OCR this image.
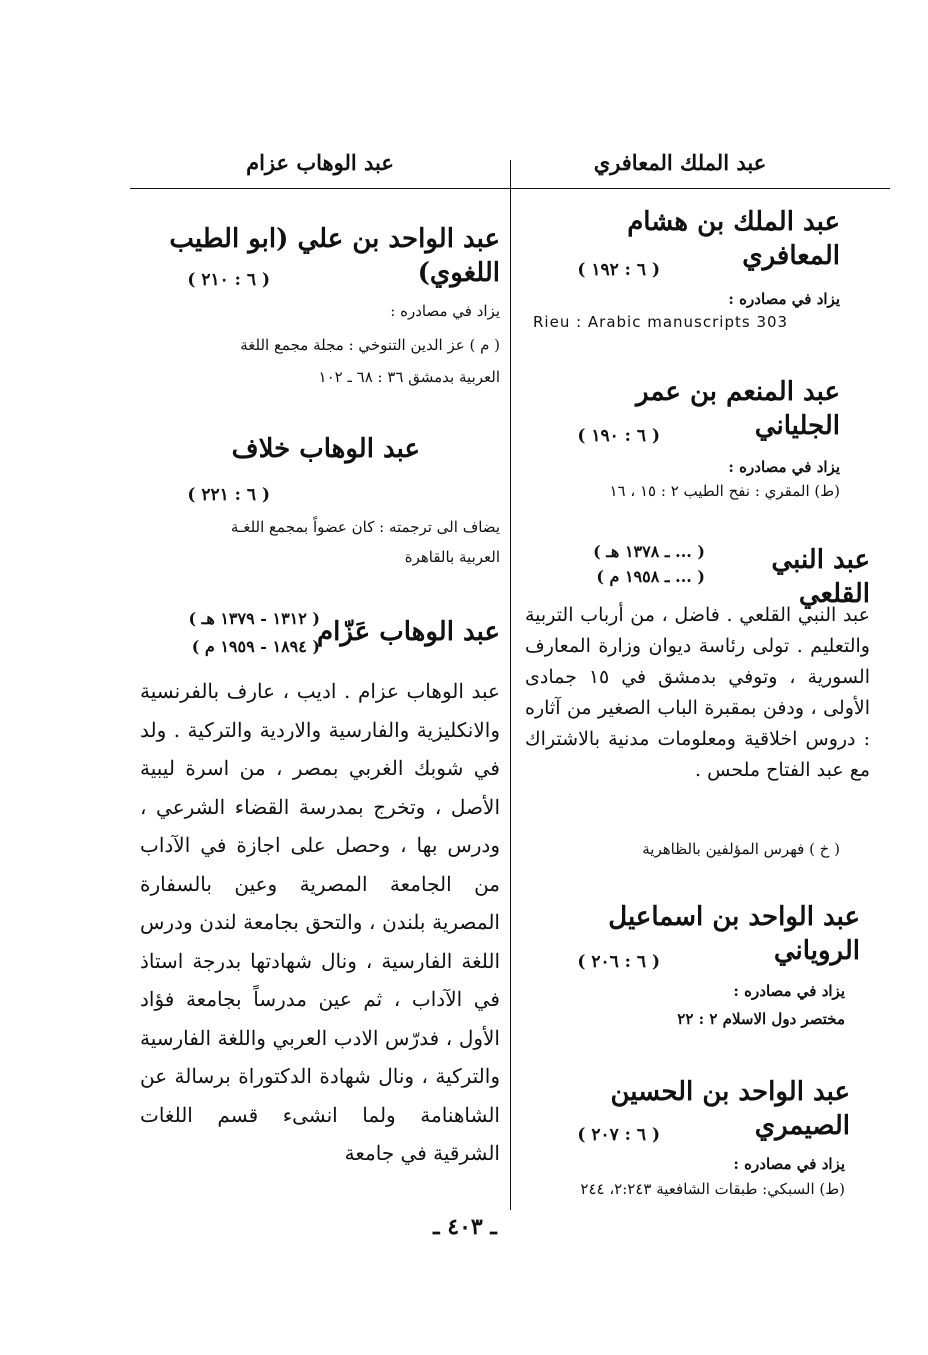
عبد الملك المعافري
عبد الوهاب عزام
عبد الملك بن هشام المعافري
( ٦ : ١٩٢ )
يزاد في مصادره :
Rieu : Arabic manuscripts 303
عبد المنعم بن عمر الجلياني
( ٦ : ١٩٠ )
يزاد في مصادره :
(ط) المقري : نفح الطيب ٢ : ١٥ ، ١٦
عبد النبي القلعي
( ... ـ ١٣٧٨ هـ )
( ... ـ ١٩٥٨ م )
عبد النبي القلعي . فاضل ، من أرباب التربية والتعليم . تولى رئاسة ديوان وزارة المعارف السورية ، وتوفي بدمشق في ١٥ جمادى الأولى ، ودفن بمقبرة الباب الصغير من آثاره : دروس اخلاقية ومعلومات مدنية بالاشتراك مع عبد الفتاح ملحس .
( خ ) فهرس المؤلفين بالظاهرية
عبد الواحد بن اسماعيل الروياني
( ٦ : ٢٠٦ )
يزاد في مصادره :
مختصر دول الاسلام ٢ : ٢٢
عبد الواحد بن الحسين الصيمري
( ٦ : ٢٠٧ )
يزاد في مصادره :
(ط) السبكي: طبقات الشافعية ٢:٢٤٣، ٢٤٤
عبد الواحد بن علي (ابو الطيب اللغوي)
( ٦ : ٢١٠ )
يزاد في مصادره :
( م ) عز الدين التنوخي : مجلة مجمع اللغة
العربية بدمشق ٣٦ : ٦٨ ـ ١٠٢
عبد الوهاب خلاف
( ٦ : ٢٢١ )
يضاف الى ترجمته : كان عضواً بمجمع اللغـة
العربية بالقاهرة
عبد الوهاب عَزّام
( ١٣١٢ - ١٣٧٩ هـ )
( ١٨٩٤ - ١٩٥٩ م )
عبد الوهاب عزام . اديب ، عارف بالفرنسية والانكليزية والفارسية والاردية والتركية . ولد في شوبك الغربي بمصر ، من اسرة ليبية الأصل ، وتخرج بمدرسة القضاء الشرعي ، ودرس بها ، وحصل على اجازة في الآداب من الجامعة المصرية وعين بالسفارة المصرية بلندن ، والتحق بجامعة لندن ودرس اللغة الفارسية ، ونال شهادتها بدرجة استاذ في الآداب ، ثم عين مدرساً بجامعة فؤاد الأول ، فدرّس الادب العربي واللغة الفارسية والتركية ، ونال شهادة الدكتوراة برسالة عن الشاهنامة ولما انشىء قسم اللغات الشرقية في جامعة
ـ ٤٠٣ ـ
